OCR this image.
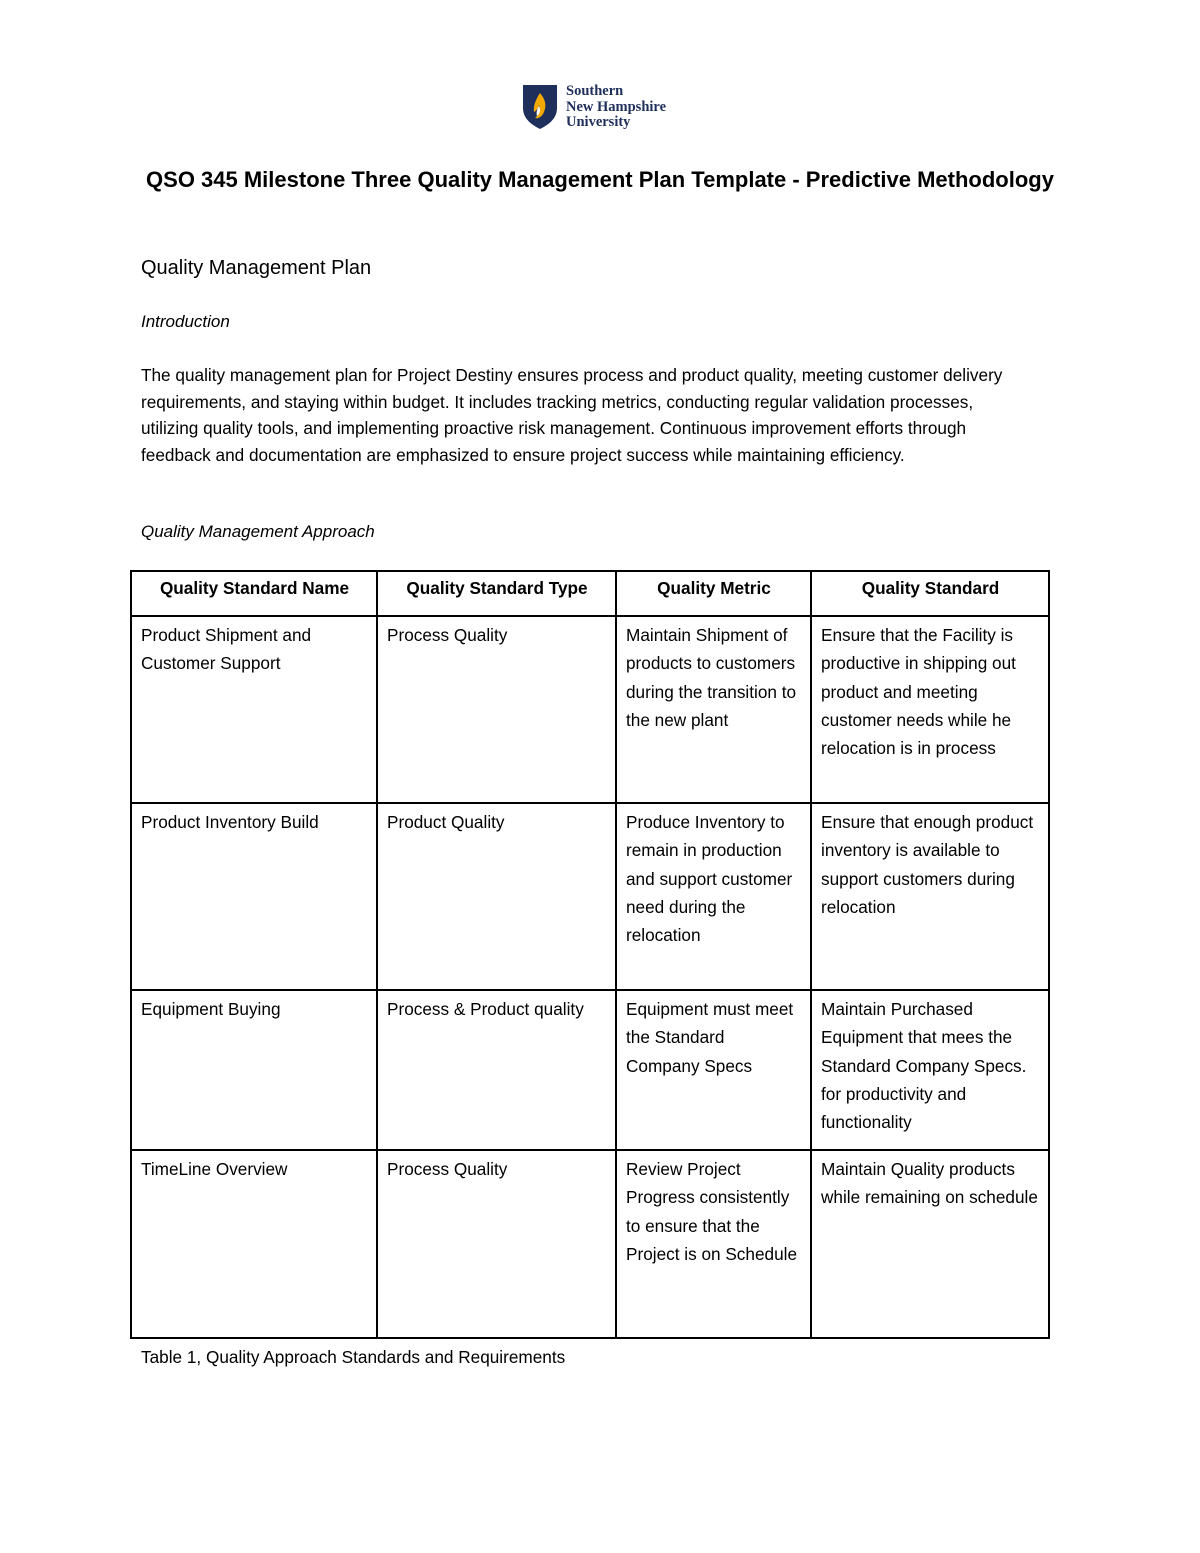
Southern
New Hampshire
University
QSO 345 Milestone Three Quality Management Plan Template - Predictive Methodology
Quality Management Plan
Introduction
The quality management plan for Project Destiny ensures process and product quality, meeting customer delivery requirements, and staying within budget. It includes tracking metrics, conducting regular validation processes, utilizing quality tools, and implementing proactive risk management. Continuous improvement efforts through feedback and documentation are emphasized to ensure project success while maintaining efficiency.
Quality Management Approach
Quality Standard Name	Quality Standard Type	Quality Metric	Quality Standard
Product Shipment and Customer Support	Process Quality	Maintain Shipment of products to customers during the transition to the new plant	Ensure that the Facility is productive in shipping out product and meeting customer needs while he relocation is in process
Product Inventory Build	Product Quality	Produce Inventory to remain in production and support customer need during the relocation	Ensure that enough product inventory is available to support customers during relocation
Equipment Buying	Process & Product quality	Equipment must meet the Standard Company Specs	Maintain Purchased Equipment that mees the Standard Company Specs. for productivity and functionality
TimeLine Overview	Process Quality	Review Project Progress consistently to ensure that the Project is on Schedule	Maintain Quality products while remaining on schedule
Table 1, Quality Approach Standards and Requirements
